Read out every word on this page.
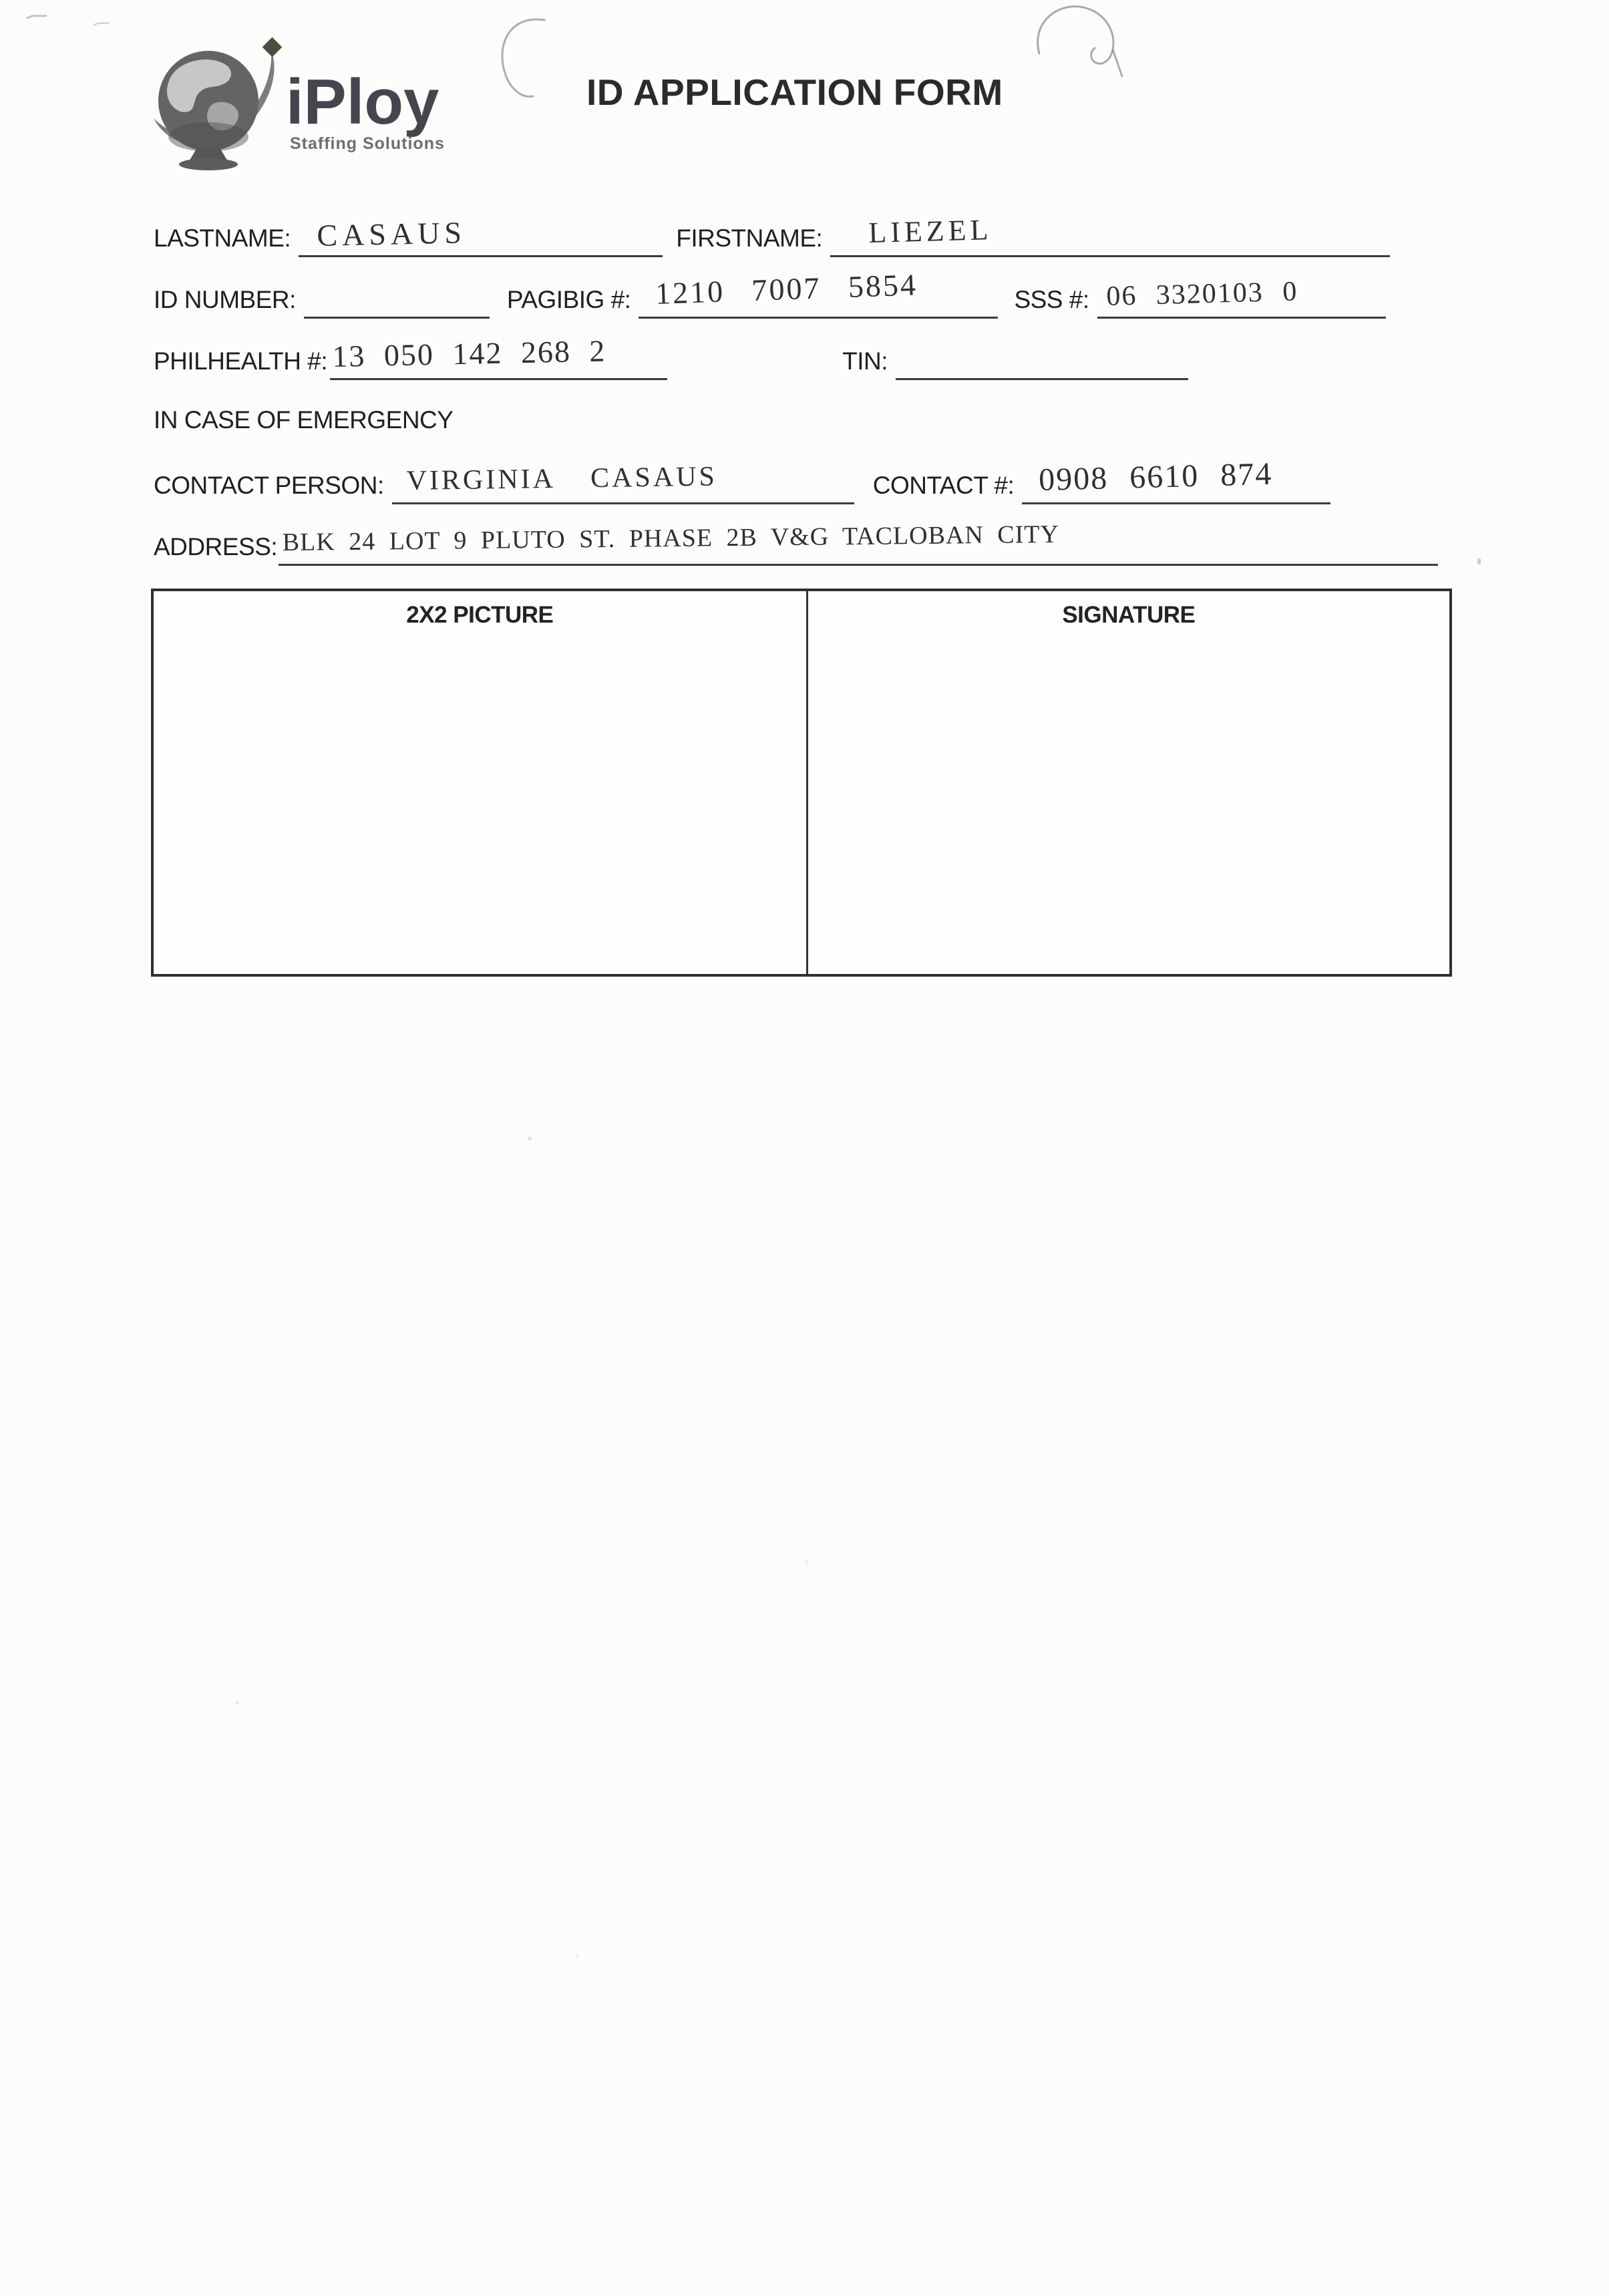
iPloy
Staffing Solutions
ID APPLICATION FORM
LASTNAME: CASAUS	FIRSTNAME: LIEZEL
ID NUMBER:	PAGIBIG #: 1210 7007 5854	SSS #: 06 3320103 0
PHILHEALTH #: 13 050 142 268 2	TIN:
IN CASE OF EMERGENCY
CONTACT PERSON: VIRGINIA CASAUS	CONTACT #: 0908 6610 874
ADDRESS: BLK 24 LOT 9 PLUTO ST. PHASE 2B V&G TACLOBAN CITY
2X2 PICTURE	SIGNATURE
